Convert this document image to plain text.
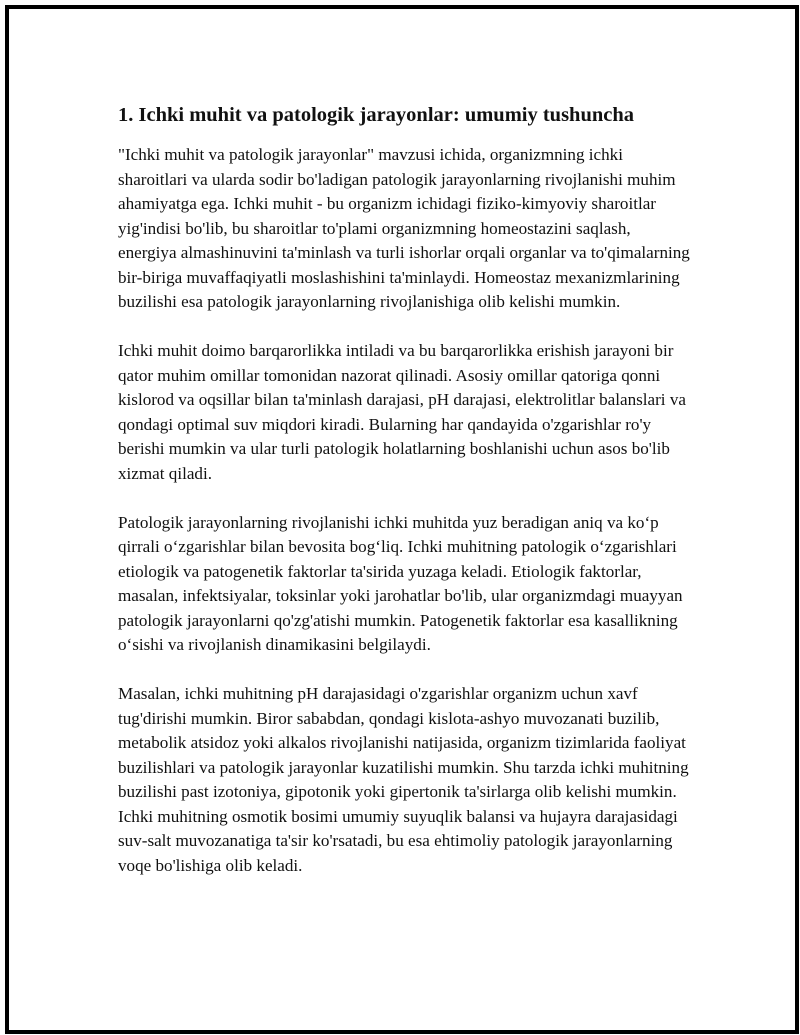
1. Ichki muhit va patologik jarayonlar: umumiy tushuncha

"Ichki muhit va patologik jarayonlar" mavzusi ichida, organizmning ichki sharoitlari va ularda sodir bo'ladigan patologik jarayonlarning rivojlanishi muhim ahamiyatga ega. Ichki muhit - bu organizm ichidagi fiziko-kimyoviy sharoitlar yig'indisi bo'lib, bu sharoitlar to'plami organizmning homeostazini saqlash, energiya almashinuvini ta'minlash va turli ishorlar orqali organlar va to'qimalarning bir-biriga muvaffaqiyatli moslashishini ta'minlaydi. Homeostaz mexanizmlarining buzilishi esa patologik jarayonlarning rivojlanishiga olib kelishi mumkin.

Ichki muhit doimo barqarorlikka intiladi va bu barqarorlikka erishish jarayoni bir qator muhim omillar tomonidan nazorat qilinadi. Asosiy omillar qatoriga qonni kislorod va oqsillar bilan ta'minlash darajasi, pH darajasi, elektrolitlar balanslari va qondagi optimal suv miqdori kiradi. Bularning har qandayida o'zgarishlar ro'y berishi mumkin va ular turli patologik holatlarning boshlanishi uchun asos bo'lib xizmat qiladi.

Patologik jarayonlarning rivojlanishi ichki muhitda yuz beradigan aniq va ko‘p qirrali o‘zgarishlar bilan bevosita bog‘liq. Ichki muhitning patologik o‘zgarishlari etiologik va patogenetik faktorlar ta'sirida yuzaga keladi. Etiologik faktorlar, masalan, infektsiyalar, toksinlar yoki jarohatlar bo'lib, ular organizmdagi muayyan patologik jarayonlarni qo'zg'atishi mumkin. Patogenetik faktorlar esa kasallikning o‘sishi va rivojlanish dinamikasini belgilaydi.

Masalan, ichki muhitning pH darajasidagi o'zgarishlar organizm uchun xavf tug'dirishi mumkin. Biror sababdan, qondagi kislota-ashyo muvozanati buzilib, metabolik atsidoz yoki alkalos rivojlanishi natijasida, organizm tizimlarida faoliyat buzilishlari va patologik jarayonlar kuzatilishi mumkin. Shu tarzda ichki muhitning buzilishi past izotoniya, gipotonik yoki gipertonik ta'sirlarga olib kelishi mumkin. Ichki muhitning osmotik bosimi umumiy suyuqlik balansi va hujayra darajasidagi suv-salt muvozanatiga ta'sir ko'rsatadi, bu esa ehtimoliy patologik jarayonlarning voqe bo'lishiga olib keladi.
